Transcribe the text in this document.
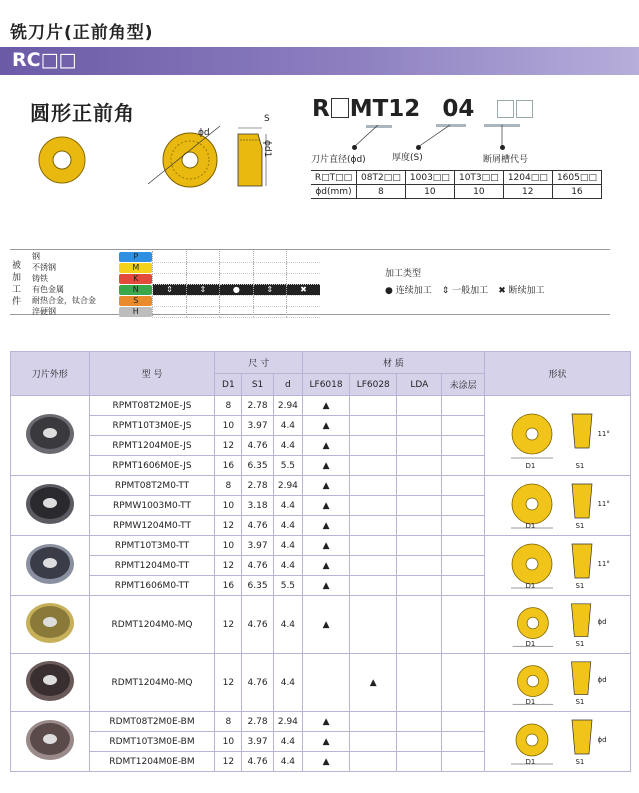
铣刀片(正前角型)
RC□□
圆形正前角	S
ϕd
ϕd1
R MT12 04
刀片直径(ϕd)	厚度(S)	断屑槽代号
R□T□□	08T2□□	1003□□	10T3□□	1204□□	1605□□
ϕd(mm)	8	10	10	12	16
被
加
工
件
钢	P					

不锈钢	M					

铸铁	K					

有色金属	N	⇕	⇕	●	⇕	✖
耐热合金，钛合金	S					

淬硬钢	H					

加工类型
● 连续加工 ⇕ 一般加工 ✖ 断续加工
刀片外形	型 号	尺 寸			材 质				形状
		D1	S1	d	LF6018	LF6028	LDA	未涂层	
	RPMT08T2M0E-JS	8	2.78	2.94	▲				D1 S1
11°

	RPMT10T3M0E-JS	10	3.97	4.4	▲				
	RPMT1204M0E-JS	12	4.76	4.4	▲				
	RPMT1606M0E-JS	16	6.35	5.5	▲				
	RPMT08T2M0-TT	8	2.78	2.94	▲				D1 S1
11°

	RPMW1003M0-TT	10	3.18	4.4	▲				
	RPMW1204M0-TT	12	4.76	4.4	▲				
	RPMT10T3M0-TT	10	3.97	4.4	▲				D1 S1
11°

	RPMT1204M0-TT	12	4.76	4.4	▲				
	RPMT1606M0-TT	16	6.35	5.5	▲				
	RDMT1204M0-MQ	12	4.76	4.4	▲				D1 S1
ϕd

	RDMT1204M0-MQ	12	4.76	4.4		▲			D1 S1
ϕd

	RDMT08T2M0E-BM	8	2.78	2.94	▲				D1 S1
ϕd

	RDMT10T3M0E-BM	10	3.97	4.4	▲				
	RDMT1204M0E-BM	12	4.76	4.4	▲				
